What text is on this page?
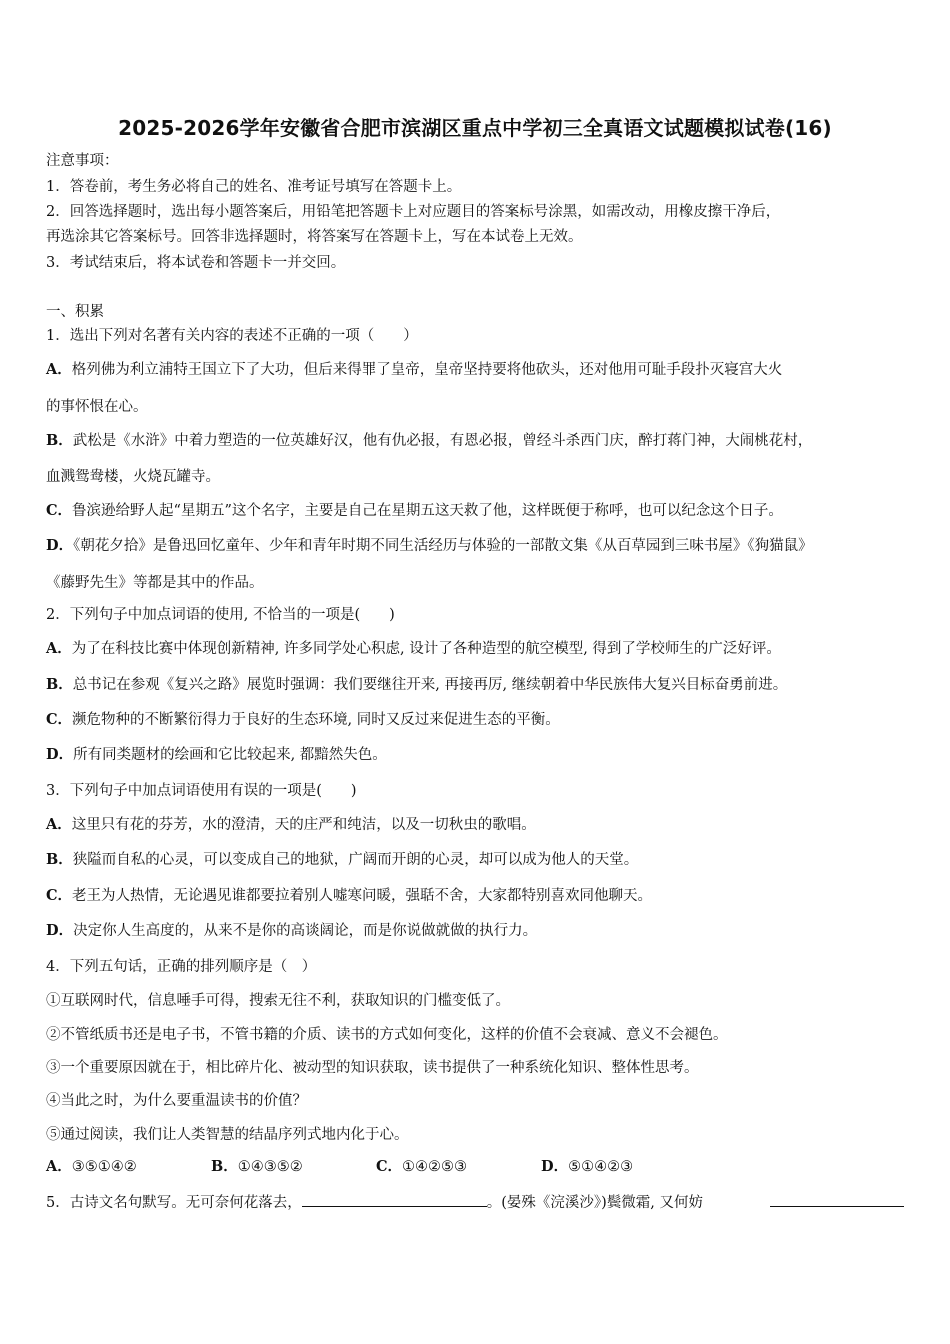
2025-2026学年安徽省合肥市滨湖区重点中学初三全真语文试题模拟试卷(16)
注意事项：
1．答卷前，考生务必将自己的姓名、准考证号填写在答题卡上。
2．回答选择题时，选出每小题答案后，用铅笔把答题卡上对应题目的答案标号涂黑，如需改动，用橡皮擦干净后，
再选涂其它答案标号。回答非选择题时，将答案写在答题卡上，写在本试卷上无效。
3．考试结束后，将本试卷和答题卡一并交回。
一、积累
1．选出下列对名著有关内容的表述不正确的一项（　　）
A．格列佛为利立浦特王国立下了大功，但后来得罪了皇帝，皇帝坚持要将他砍头，还对他用可耻手段扑灭寝宫大火
的事怀恨在心。
B．武松是《水浒》中着力塑造的一位英雄好汉，他有仇必报，有恩必报，曾经斗杀西门庆，醉打蒋门神，大闹桃花村，
血溅鸳鸯楼，火烧瓦罐寺。
C．鲁滨逊给野人起“星期五”这个名字，主要是自己在星期五这天救了他，这样既便于称呼，也可以纪念这个日子。
D．《朝花夕拾》是鲁迅回忆童年、少年和青年时期不同生活经历与体验的一部散文集《从百草园到三味书屋》《狗猫鼠》
《藤野先生》等都是其中的作品。
2．下列句子中加点词语的使用, 不恰当的一项是(　　)
A．为了在科技比赛中体现创新精神, 许多同学处心积虑, 设计了各种造型的航空模型, 得到了学校师生的广泛好评。
B．总书记在参观《复兴之路》展览时强调：我们要继往开来, 再接再厉, 继续朝着中华民族伟大复兴目标奋勇前进。
C．濒危物种的不断繁衍得力于良好的生态环境, 同时又反过来促进生态的平衡。
D．所有同类题材的绘画和它比较起来, 都黯然失色。
3．下列句子中加点词语使用有误的一项是(　　)
A．这里只有花的芬芳，水的澄清，天的庄严和纯洁，以及一切秋虫的歌唱。
B．狭隘而自私的心灵，可以变成自己的地狱，广阔而开朗的心灵，却可以成为他人的天堂。
C．老王为人热情，无论遇见谁都要拉着别人嘘寒问暖，强聒不舍，大家都特别喜欢同他聊天。
D．决定你人生高度的，从来不是你的高谈阔论，而是你说做就做的执行力。
4．下列五句话，正确的排列顺序是（　）
①互联网时代，信息唾手可得，搜索无往不利，获取知识的门槛变低了。
②不管纸质书还是电子书，不管书籍的介质、读书的方式如何变化，这样的价值不会衰减、意义不会褪色。
③一个重要原因就在于，相比碎片化、被动型的知识获取，读书提供了一种系统化知识、整体性思考。
④当此之时，为什么要重温读书的价值？
⑤通过阅读，我们让人类智慧的结晶序列式地内化于心。
A．③⑤①④②	B．①④③⑤②	C．①④②⑤③	D．⑤①④②③
5．古诗文名句默写。无可奈何花落去，	。(晏殊《浣溪沙》)鬓微霜, 又何妨
